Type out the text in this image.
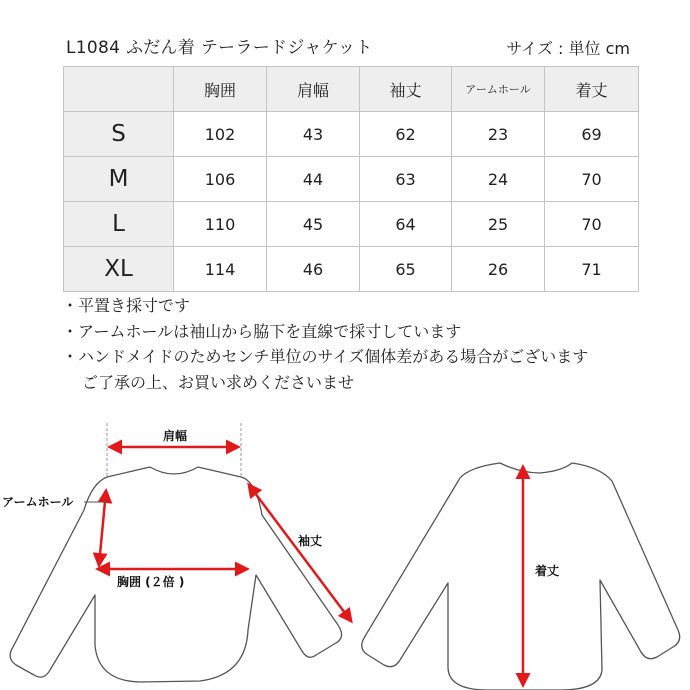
L1084 ふだん着 テーラードジャケット	サイズ : 単位 cm
	胸囲	肩幅	袖丈	アームホール	着丈
S	102	43	62	23	69
M	106	44	63	24	70
L	110	45	64	25	70
XL	114	46	65	26	71
・平置き採寸です
・アームホールは袖山から脇下を直線で採寸しています
・ハンドメイドのためセンチ単位のサイズ個体差がある場合がございます
ご了承の上、お買い求めくださいませ
肩幅
アームホール
袖丈
胸囲 (２倍 )
着丈
